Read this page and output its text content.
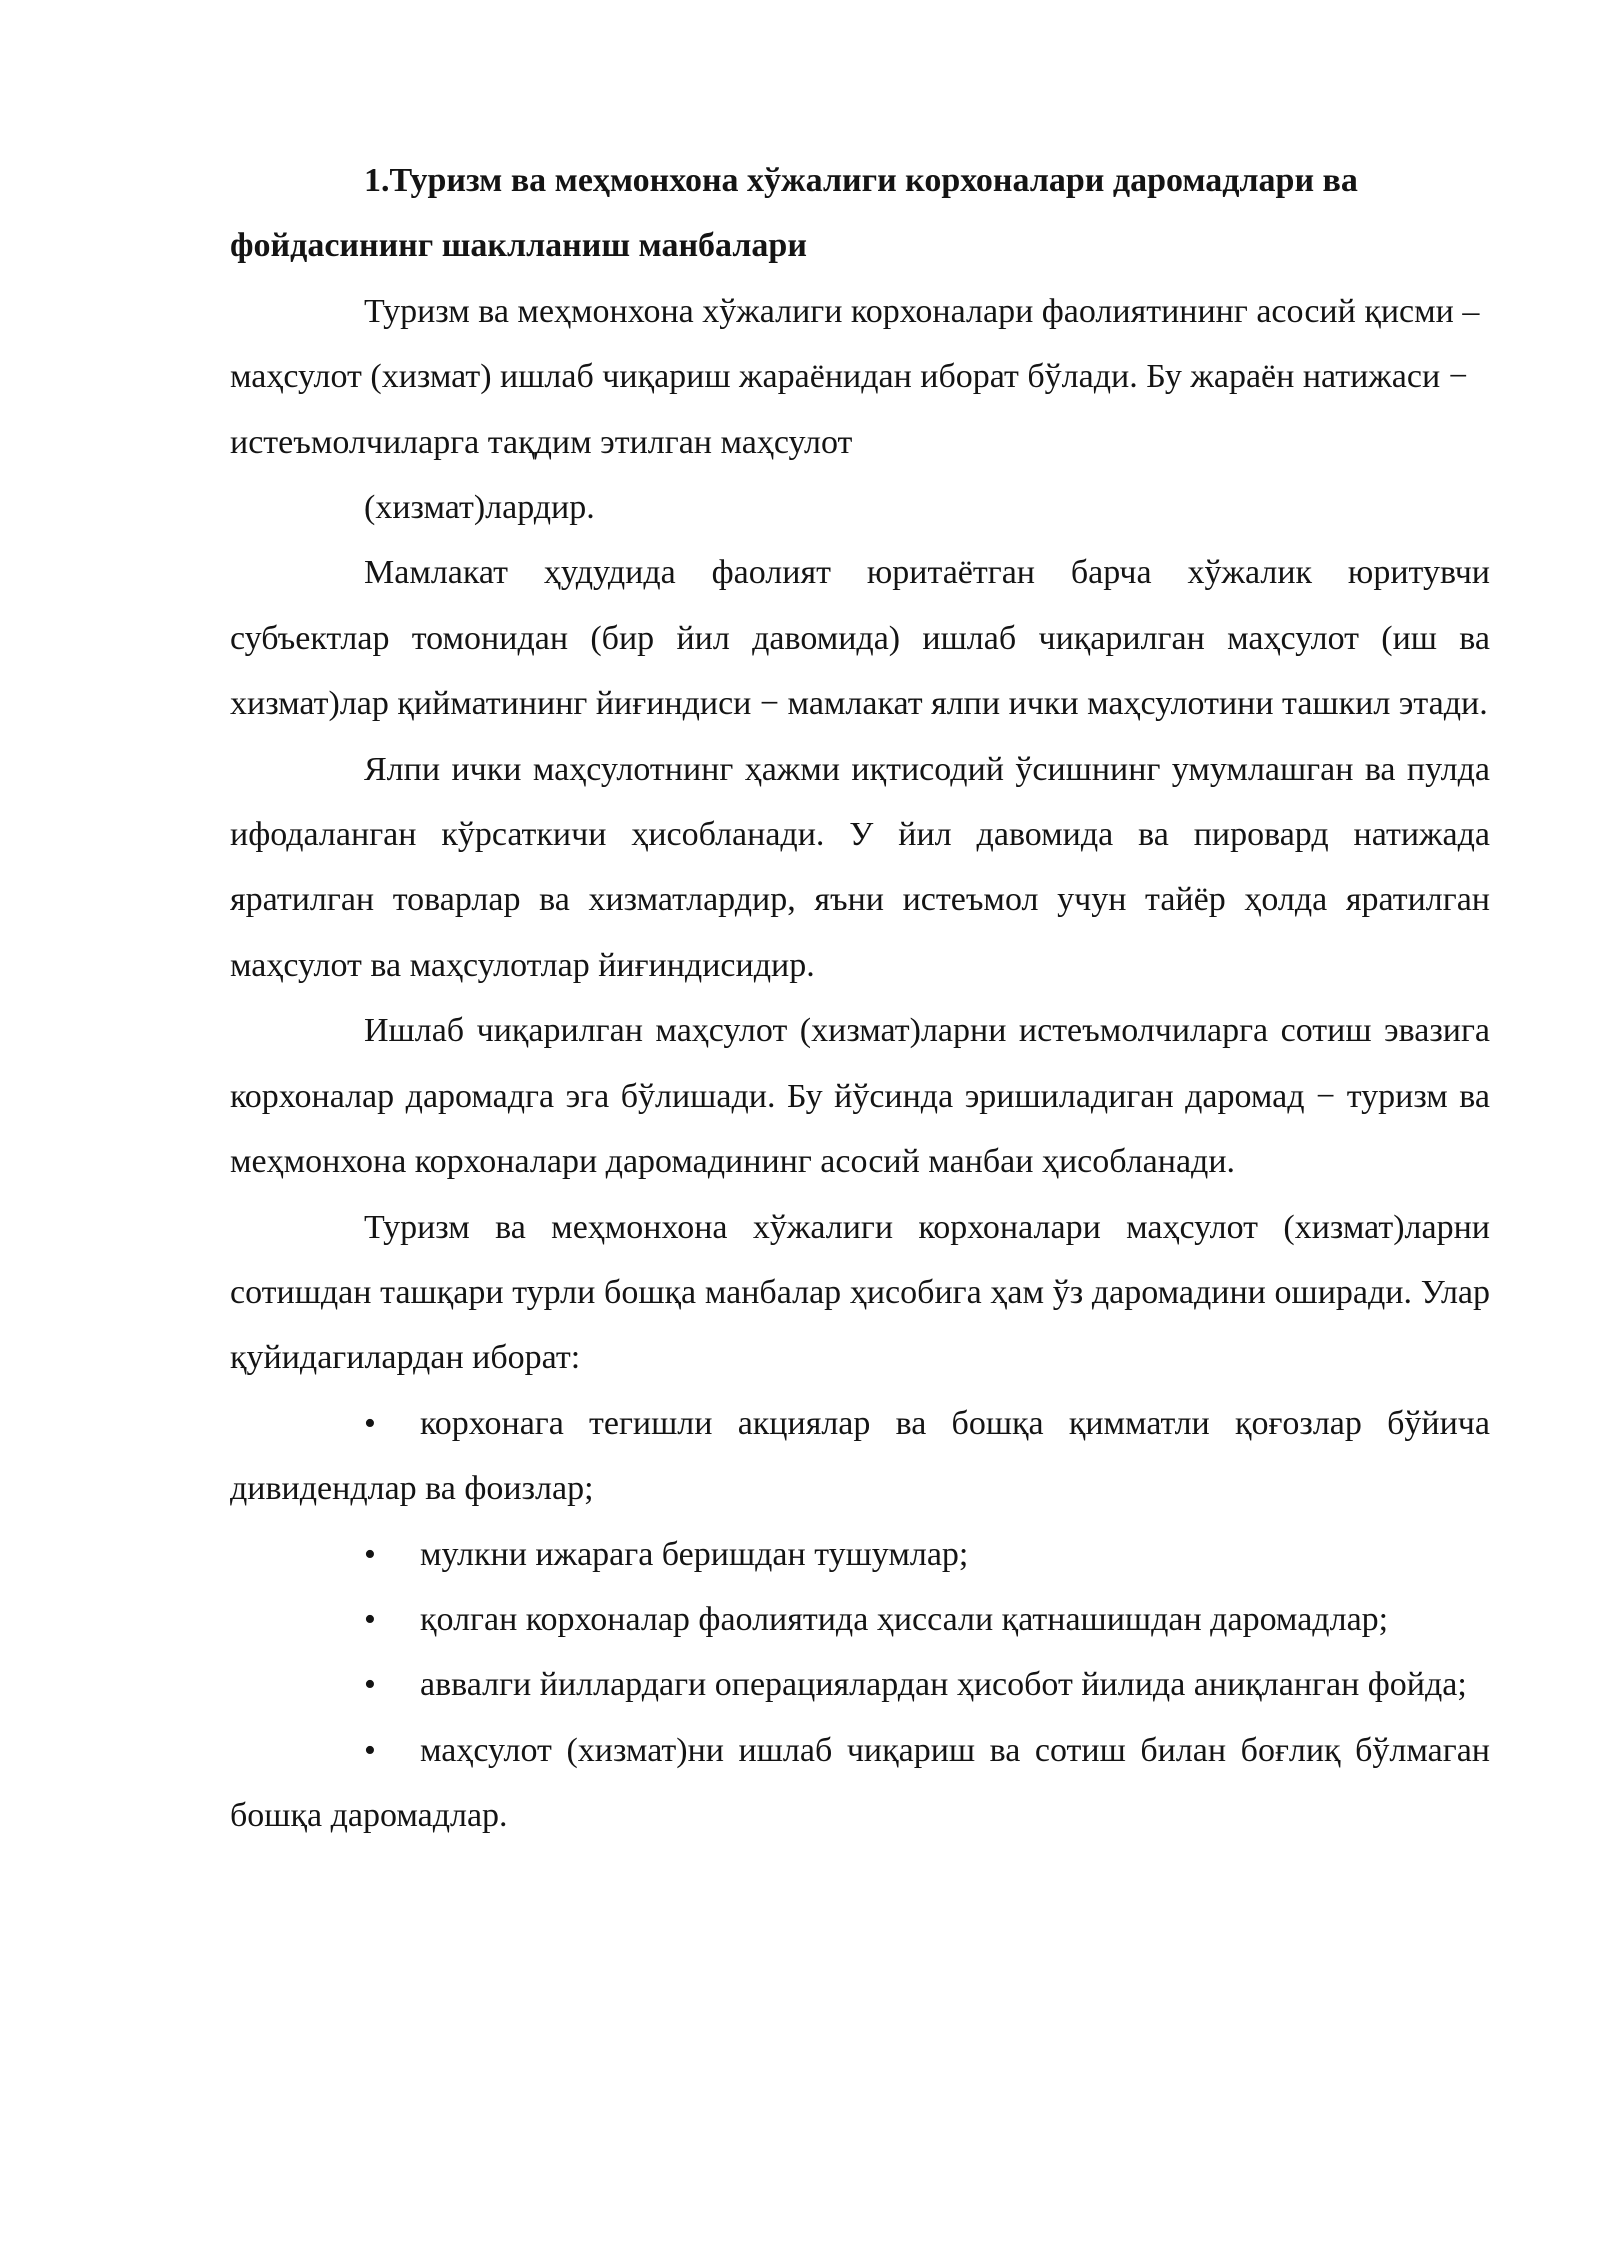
1.Туризм ва меҳмонхона хўжалиги корхоналари даромадлари ва фойдасининг шаклланиш манбалари

Туризм ва меҳмонхона хўжалиги корхоналари фаолиятининг асосий қисми – маҳсулот (хизмат) ишлаб чиқариш жараёнидан иборат бўлади. Бу жараён натижаси − истеъмолчиларга тақдим этилган маҳсулот

(хизмат)лардир.

Мамлакат ҳудудида фаолият юритаётган барча хўжалик юритувчи субъектлар томонидан (бир йил давомида) ишлаб чиқарилган маҳсулот (иш ва хизмат)лар қийматининг йиғиндиси − мамлакат ялпи ички маҳсулотини ташкил этади.

Ялпи ички маҳсулотнинг ҳажми иқтисодий ўсишнинг умумлашган ва пулда ифодаланган кўрсаткичи ҳисобланади. У йил давомида ва пировард натижада яратилган товарлар ва хизматлардир, яъни истеъмол учун тайёр ҳолда яратилган маҳсулот ва маҳсулотлар йиғиндисидир.

Ишлаб чиқарилган маҳсулот (хизмат)ларни истеъмолчиларга сотиш эвазига корхоналар даромадга эга бўлишади. Бу йўсинда эришиладиган даромад − туризм ва меҳмонхона корхоналари даромадининг асосий манбаи ҳисобланади.

Туризм ва меҳмонхона хўжалиги корхоналари маҳсулот (хизмат)ларни сотишдан ташқари турли бошқа манбалар ҳисобига ҳам ўз даромадини оширади. Улар қуйидагилардан иборат:

• корхонага тегишли акциялар ва бошқа қимматли қоғозлар бўйича дивидендлар ва фоизлар;

• мулкни ижарага беришдан тушумлар;

• қолган корхоналар фаолиятида ҳиссали қатнашишдан даромадлар;

• аввалги йиллардаги операциялардан ҳисобот йилида аниқланган фойда;

• маҳсулот (хизмат)ни ишлаб чиқариш ва сотиш билан боғлиқ бўлмаган бошқа даромадлар.
